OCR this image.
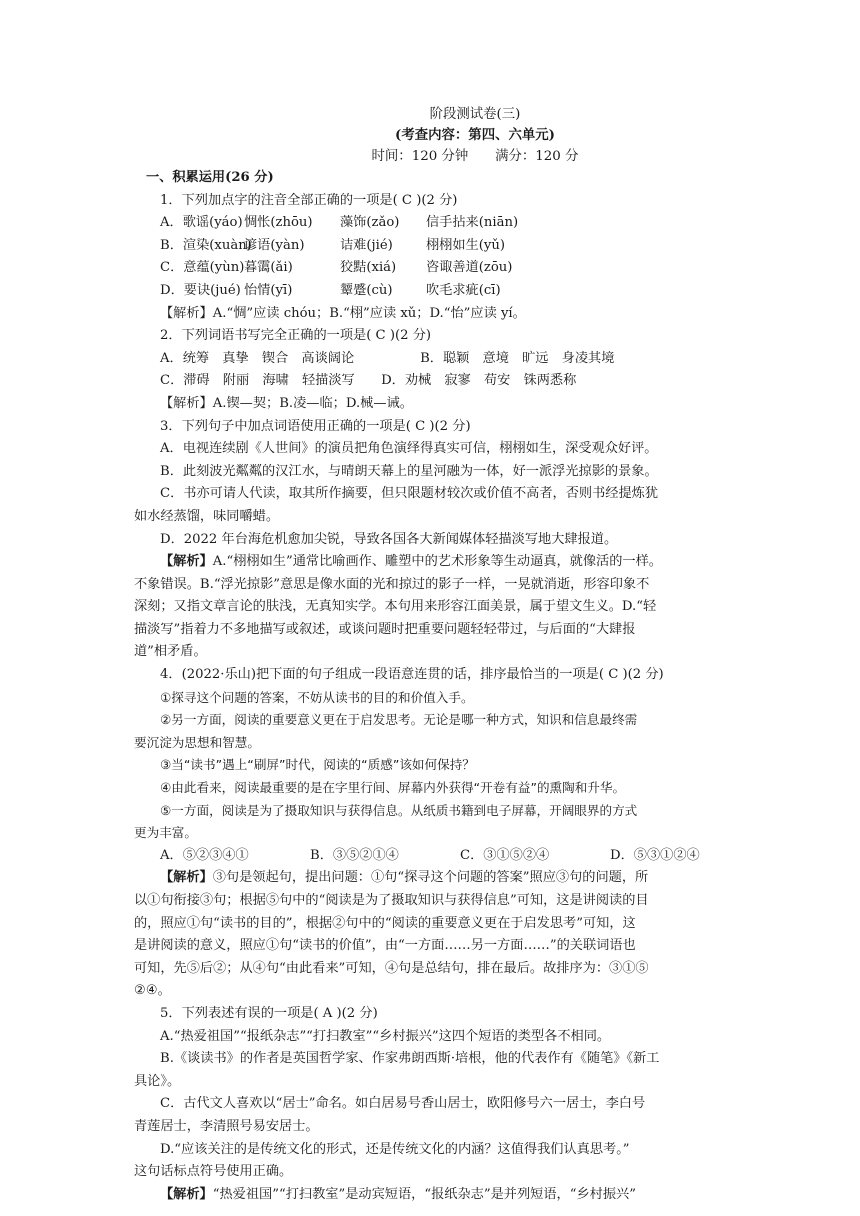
阶段测试卷(三)

(考查内容：第四、六单元)

时间：120 分钟　　满分：120 分

一、积累运用(26 分)

1．下列加点字的注音全部正确的一项是( C )(2 分)

A．歌谣(yáo)惆怅(zhōu) 藻饰(zǎo) 信手拈来(niān)

B．渲染(xuàn)谚语(yàn)	诘难(jié)	栩栩如生(yǔ)

C．意蕴(yùn)暮霭(ǎi)	狡黠(xiá) 咨诹善道(zōu)

D．要诀(jué) 怡情(yī)	颦蹙(cù)	吹毛求疵(cī)

【解析】A.“惆”应读 chóu；B.“栩”应读 xǔ；D.“怡”应读 yí。

2．下列词语书写完全正确的一项是( C )(2 分)

A．统筹　真挚　锲合　高谈阔论　　　　　B．聪颖　意境　旷远　身凌其境

C．滞碍　附丽　海啸　轻描淡写　　D．劝械　寂寥　苟安　铢两悉称

【解析】A.锲—契；B.凌—临；D.械—诫。

3．下列句子中加点词语使用正确的一项是( C )(2 分)

A．电视连续剧《人世间》的演员把角色演绎得真实可信，栩栩如生，深受观众好评。

B．此刻波光粼粼的汉江水，与晴朗天幕上的星河融为一体，好一派浮光掠影的景象。

C．书亦可请人代读，取其所作摘要，但只限题材较次或价值不高者，否则书经提炼犹

如水经蒸馏，味同嚼蜡。

D．2022 年台海危机愈加尖锐，导致各国各大新闻媒体轻描淡写地大肆报道。

【解析】A.“栩栩如生”通常比喻画作、雕塑中的艺术形象等生动逼真，就像活的一样。

不象错误。B.“浮光掠影”意思是像水面的光和掠过的影子一样，一晃就消逝，形容印象不

深刻；又指文章言论的肤浅，无真知实学。本句用来形容江面美景，属于望文生义。D.“轻

描淡写”指着力不多地描写或叙述，或谈问题时把重要问题轻轻带过，与后面的“大肆报

道”相矛盾。

4．(2022·乐山)把下面的句子组成一段语意连贯的话，排序最恰当的一项是( C )(2 分)

①探寻这个问题的答案，不妨从读书的目的和价值入手。

②另一方面，阅读的重要意义更在于启发思考。无论是哪一种方式，知识和信息最终需

要沉淀为思想和智慧。

③当“读书”遇上“刷屏”时代，阅读的“质感”该如何保持？

④由此看来，阅读最重要的是在字里行间、屏幕内外获得“开卷有益”的熏陶和升华。

⑤一方面，阅读是为了摄取知识与获得信息。从纸质书籍到电子屏幕，开阔眼界的方式

更为丰富。

A．⑤②③④①	B．③⑤②①④	C．③①⑤②④	D．⑤③①②④

【解析】③句是领起句，提出问题：①句“探寻这个问题的答案”照应③句的问题，所

以①句衔接③句；根据⑤句中的“阅读是为了摄取知识与获得信息”可知，这是讲阅读的目

的，照应①句“读书的目的”，根据②句中的“阅读的重要意义更在于启发思考”可知，这

是讲阅读的意义，照应①句“读书的价值”，由“一方面……另一方面……”的关联词语也

可知，先⑤后②；从④句“由此看来”可知，④句是总结句，排在最后。故排序为：③①⑤

②④。

5．下列表述有误的一项是( A )(2 分)

A.“热爱祖国”“报纸杂志”“打扫教室”“乡村振兴”这四个短语的类型各不相同。

B.《谈读书》的作者是英国哲学家、作家弗朗西斯·培根，他的代表作有《随笔》《新工

具论》。

C．古代文人喜欢以“居士”命名。如白居易号香山居士，欧阳修号六一居士，李白号

青莲居士，李清照号易安居士。

D.“应该关注的是传统文化的形式，还是传统文化的内涵？这值得我们认真思考。”

这句话标点符号使用正确。

【解析】“热爱祖国”“打扫教室”是动宾短语，“报纸杂志”是并列短语，“乡村振兴”
